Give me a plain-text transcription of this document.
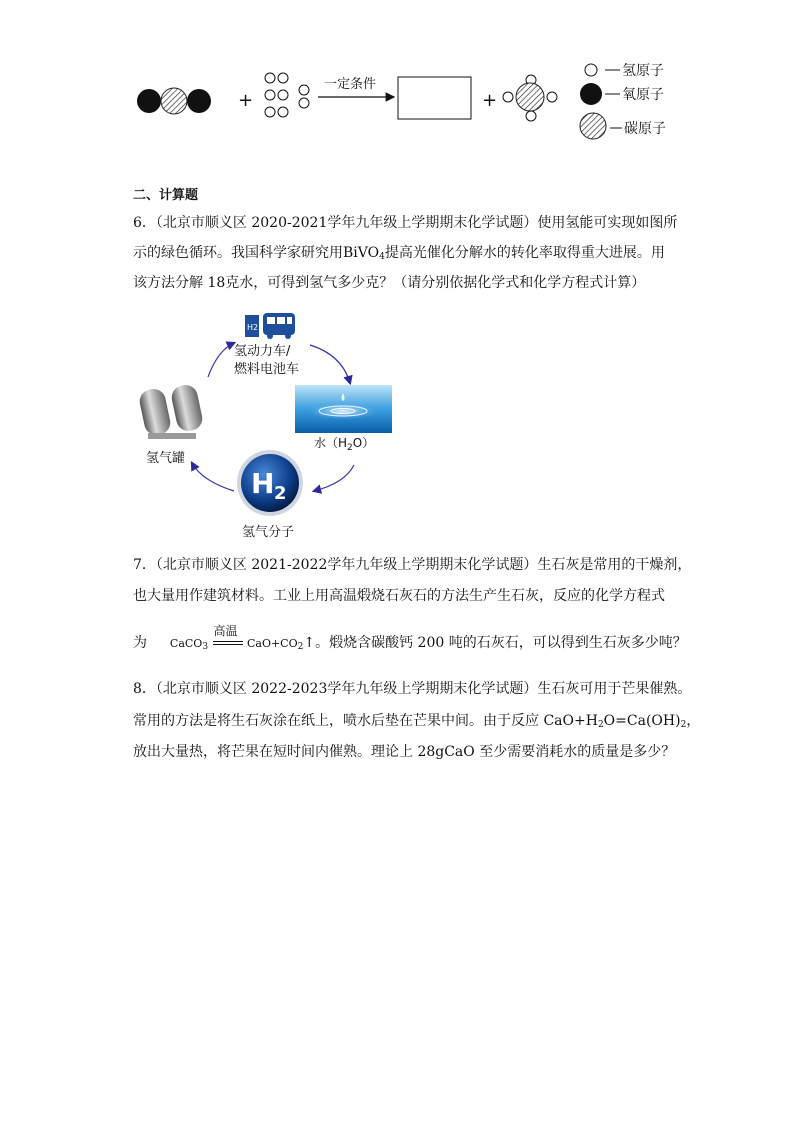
+
一定条件
+
氢原子
氧原子
碳原子
二、计算题
6．（北京市顺义区 2020-2021学年九年级上学期期末化学试题）使用氢能可实现如图所
示的绿色循环。我国科学家研究用BiVO$_4$提高光催化分解水的转化率取得重大进展。用
该方法分解 18克水，可得到氢气多少克？（请分别依据化学式和化学方程式计算）
H2
氢动力车/
燃料电池车
水$(H_2O)$
氢气罐
H 2
氢气分子
7．（北京市顺义区 2021-2022学年九年级上学期期末化学试题）生石灰是常用的干燥剂，
也大量用作建筑材料。工业上用高温煅烧石灰石的方法生产生石灰，反应的化学方程式
为 CaCO$_3$
高温
$CaO+CO_2↑$。煅烧含碳酸钙 200 吨的石灰石，可以得到生石灰多少吨？
8．（北京市顺义区 2022-2023学年九年级上学期期末化学试题）生石灰可用于芒果催熟。
常用的方法是将生石灰涂在纸上，喷水后垫在芒果中间。由于反应 $CaO+H_2O=Ca(OH)_2$，
放出大量热，将芒果在短时间内催熟。理论上 28gCaO 至少需要消耗水的质量是多少？
